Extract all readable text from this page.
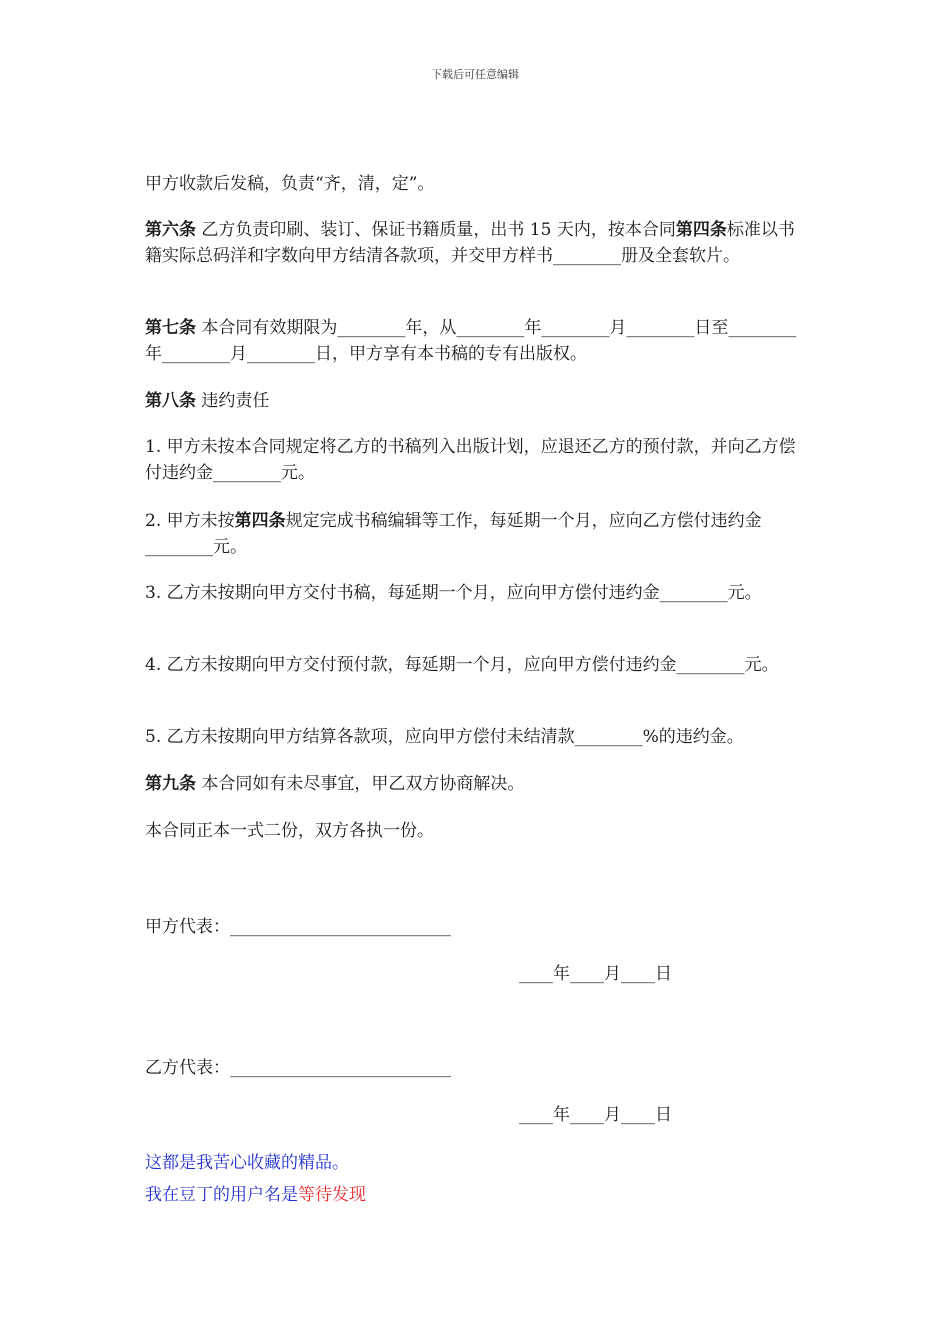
下载后可任意编辑

甲方收款后发稿，负责“齐，清，定”。

第六条 乙方负责印刷、装订、保证书籍质量，出书 15 天内，按本合同第四条标准以书籍实际总码洋和字数向甲方结清各款项，并交甲方样书________册及全套软片。

第七条 本合同有效期限为________年，从________年________月________日至________年________月________日，甲方享有本书稿的专有出版权。

第八条 违约责任

1. 甲方未按本合同规定将乙方的书稿列入出版计划，应退还乙方的预付款，并向乙方偿付违约金________元。

2. 甲方未按第四条规定完成书稿编辑等工作，每延期一个月，应向乙方偿付违约金________元。

3. 乙方未按期向甲方交付书稿，每延期一个月，应向甲方偿付违约金________元。

4. 乙方未按期向甲方交付预付款，每延期一个月，应向甲方偿付违约金________元。

5. 乙方未按期向甲方结算各款项，应向甲方偿付未结清款________%的违约金。

第九条 本合同如有未尽事宜，甲乙双方协商解决。

本合同正本一式二份，双方各执一份。

甲方代表：__________________________
____年____月____日
乙方代表：__________________________
____年____月____日
这都是我苦心收藏的精品。
我在豆丁的用户名是等待发现
